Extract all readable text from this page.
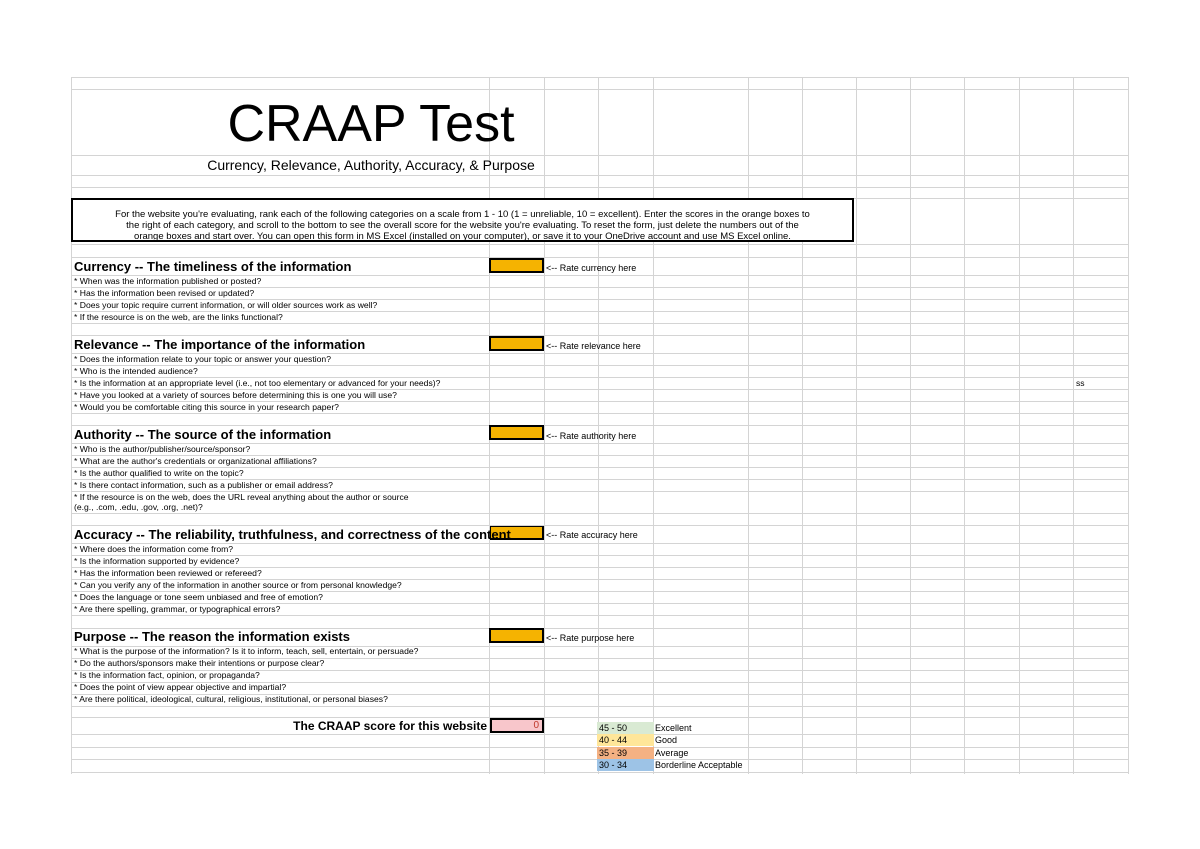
CRAAP Test
Currency, Relevance, Authority, Accuracy, & Purpose
For the website you're evaluating, rank each of the following categories on a scale from 1 - 10 (1 = unreliable, 10 = excellent). Enter the scores in the orange boxes to
the right of each category, and scroll to the bottom to see the overall score for the website you're evaluating. To reset the form, just delete the numbers out of the
orange boxes and start over. You can open this form in MS Excel (installed on your computer), or save it to your OneDrive account and use MS Excel online.
Currency -- The timeliness of the information	<-- Rate currency here
* When was the information published or posted?
* Has the information been revised or updated?
* Does your topic require current information, or will older sources work as well?
* If the resource is on the web, are the links functional?
Relevance -- The importance of the information	<-- Rate relevance here
* Does the information relate to your topic or answer your question?
* Who is the intended audience?
* Is the information at an appropriate level (i.e., not too elementary or advanced for your needs)?	ss
* Have you looked at a variety of sources before determining this is one you will use?
* Would you be comfortable citing this source in your research paper?
Authority -- The source of the information	<-- Rate authority here
* Who is the author/publisher/source/sponsor?
* What are the author's credentials or organizational affiliations?
* Is the author qualified to write on the topic?
* Is there contact information, such as a publisher or email address?
* If the resource is on the web, does the URL reveal anything about the author or source
(e.g., .com, .edu, .gov, .org, .net)?
Accuracy -- The reliability, truthfulness, and correctness of the content	<-- Rate accuracy here
* Where does the information come from?
* Is the information supported by evidence?
* Has the information been reviewed or refereed?
* Can you verify any of the information in another source or from personal knowledge?
* Does the language or tone seem unbiased and free of emotion?
* Are there spelling, grammar, or typographical errors?
Purpose -- The reason the information exists	<-- Rate purpose here
* What is the purpose of the information? Is it to inform, teach, sell, entertain, or persuade?
* Do the authors/sponsors make their intentions or purpose clear?
* Is the information fact, opinion, or propaganda?
* Does the point of view appear objective and impartial?
* Are there political, ideological, cultural, religious, institutional, or personal biases?
The CRAAP score for this website	0	45 - 50	Excellent
40 - 44	Good
35 - 39	Average
30 - 34	Borderline Acceptable
